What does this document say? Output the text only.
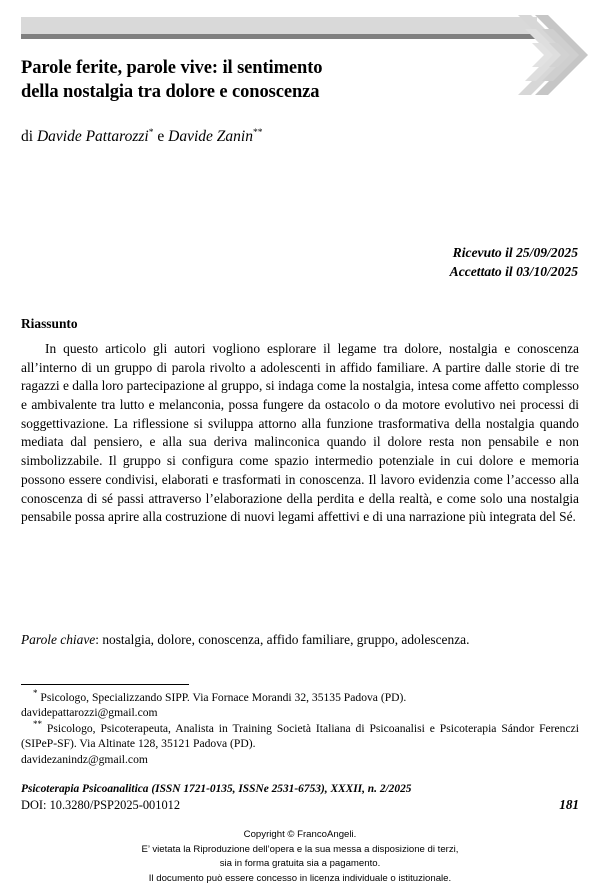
Parole ferite, parole vive: il sentimento
della nostalgia tra dolore e conoscenza
di Davide Pattarozzi* e Davide Zanin**
Ricevuto il 25/09/2025
Accettato il 03/10/2025
Riassunto
In questo articolo gli autori vogliono esplorare il legame tra dolore, nostalgia e conoscenza all’interno di un gruppo di parola rivolto a adolescenti in affido familiare. A partire dalle storie di tre ragazzi e dalla loro partecipazione al gruppo, si indaga come la nostalgia, intesa come affetto complesso e ambivalente tra lutto e melanconia, possa fungere da ostacolo o da motore evolutivo nei processi di soggettivazione. La riflessione si sviluppa attorno alla funzione trasformativa della nostalgia quando mediata dal pensiero, e alla sua deriva malinconica quando il dolore resta non pensabile e non simbolizzabile. Il gruppo si configura come spazio intermedio potenziale in cui dolore e memoria possono essere condivisi, elaborati e trasformati in conoscenza. Il lavoro evidenzia come l’accesso alla conoscenza di sé passi attraverso l’elaborazione della perdita e della realtà, e come solo una nostalgia pensabile possa aprire alla costruzione di nuovi legami affettivi e di una narrazione più integrata del Sé.
Parole chiave: nostalgia, dolore, conoscenza, affido familiare, gruppo, adolescenza.

* Psicologo, Specializzando SIPP. Via Fornace Morandi 32, 35135 Padova (PD).

davidepattarozzi@gmail.com

** Psicologo, Psicoterapeuta, Analista in Training Società Italiana di Psicoanalisi e Psicoterapia Sándor Ferenczi (SIPeP-SF). Via Altinate 128, 35121 Padova (PD).

davidezanindz@gmail.com

Psicoterapia Psicoanalitica (ISSN 1721-0135, ISSNe 2531-6753), XXXII, n. 2/2025
DOI: 10.3280/PSP2025-001012	181
Copyright © FrancoAngeli.
E’ vietata la Riproduzione dell’opera e la sua messa a disposizione di terzi,
sia in forma gratuita sia a pagamento.
Il documento può essere concesso in licenza individuale o istituzionale.
